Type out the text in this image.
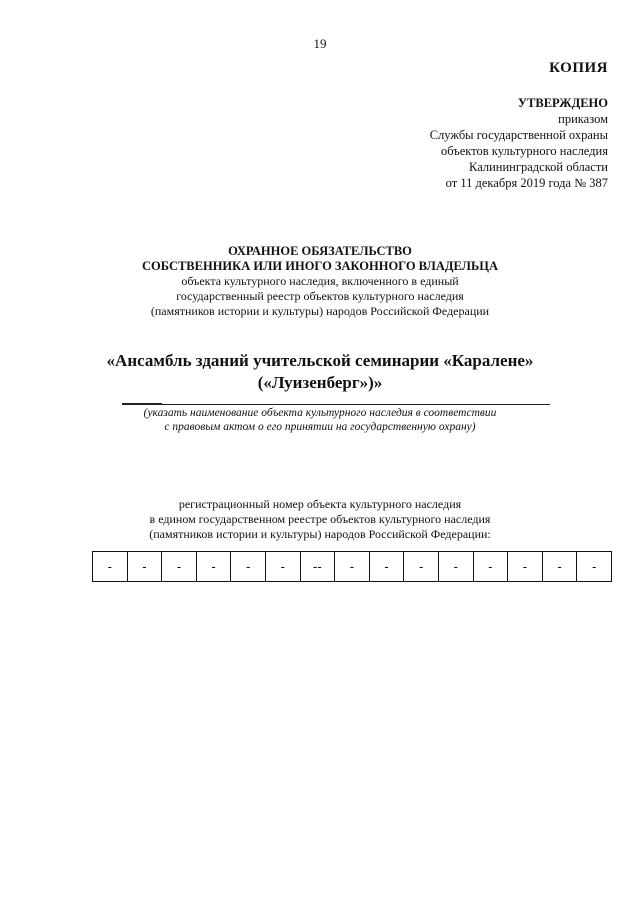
19
КОПИЯ
УТВЕРЖДЕНО
приказом
Службы государственной охраны
объектов культурного наследия
Калининградской области
от 11 декабря 2019 года № 387
ОХРАННОЕ ОБЯЗАТЕЛЬСТВО
СОБСТВЕННИКА ИЛИ ИНОГО ЗАКОННОГО ВЛАДЕЛЬЦА
объекта культурного наследия, включенного в единый
государственный реестр объектов культурного наследия
(памятников истории и культуры) народов Российской Федерации
«Ансамбль зданий учительской семинарии «Каралене»
(«Луизенберг»)»
(указать наименование объекта культурного наследия в соответствии
с правовым актом о его принятии на государственную охрану)
регистрационный номер объекта культурного наследия
в едином государственном реестре объектов культурного наследия
(памятников истории и культуры) народов Российской Федерации:
-	-	-	-	-	-	--	-	-	-	-	-	-	-	-
